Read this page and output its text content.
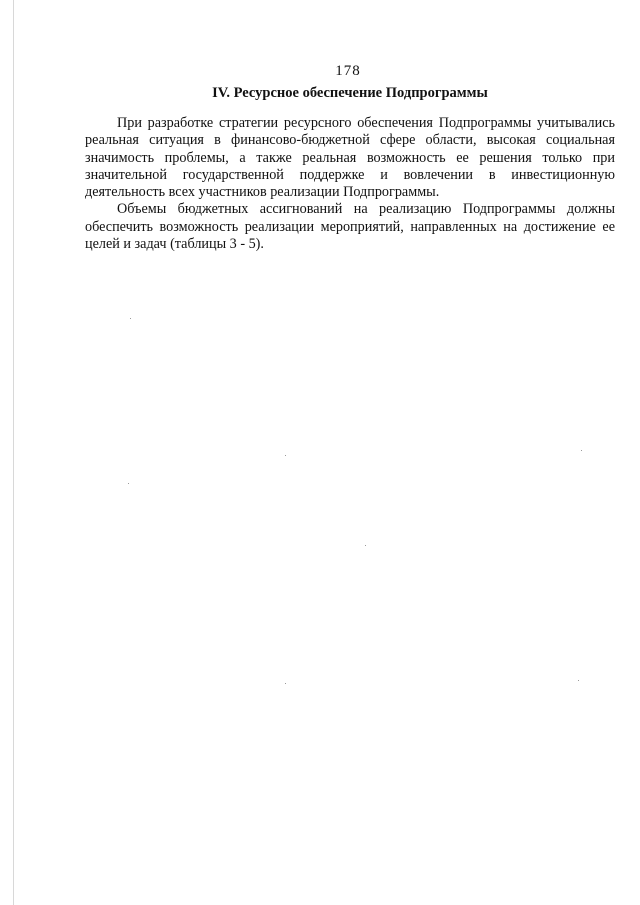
178
IV. Ресурсное обеспечение Подпрограммы

При разработке стратегии ресурсного обеспечения Подпрограммы учитывались реальная ситуация в финансово-бюджетной сфере области, высокая социальная значимость проблемы, а также реальная возможность ее решения только при значительной государственной поддержке и вовлечении в инвестиционную деятельность всех участников реализации Подпрограммы.

Объемы бюджетных ассигнований на реализацию Подпрограммы должны обеспечить возможность реализации мероприятий, направленных на достижение ее целей и задач (таблицы 3 - 5).
